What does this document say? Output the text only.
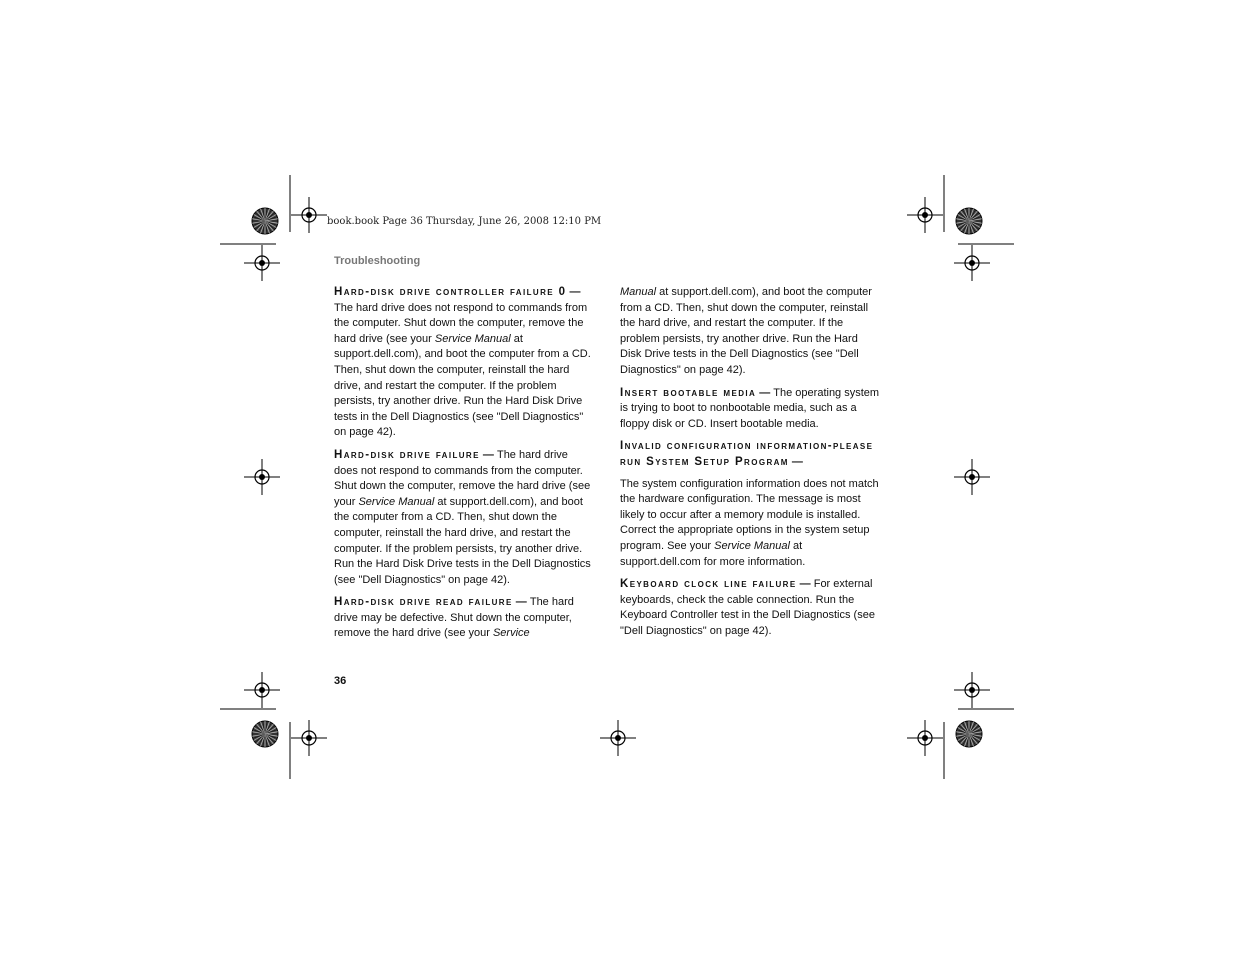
book.book Page 36 Thursday, June 26, 2008 12:10 PM
Troubleshooting

Hard-disk drive controller failure 0 — The hard drive does not respond to commands from the computer. Shut down the computer, remove the hard drive (see your Service Manual at support.dell.com), and boot the computer from a CD. Then, shut down the computer, reinstall the hard drive, and restart the computer. If the problem persists, try another drive. Run the Hard Disk Drive tests in the Dell Diagnostics (see "Dell Diagnostics" on page 42).

Hard-disk drive failure — The hard drive does not respond to commands from the computer. Shut down the computer, remove the hard drive (see your Service Manual at support.dell.com), and boot the computer from a CD. Then, shut down the computer, reinstall the hard drive, and restart the computer. If the problem persists, try another drive. Run the Hard Disk Drive tests in the Dell Diagnostics (see "Dell Diagnostics" on page 42).

Hard-disk drive read failure — The hard drive may be defective. Shut down the computer, remove the hard drive (see your Service

Manual at support.dell.com), and boot the computer from a CD. Then, shut down the computer, reinstall the hard drive, and restart the computer. If the problem persists, try another drive. Run the Hard Disk Drive tests in the Dell Diagnostics (see "Dell Diagnostics" on page 42).

Insert bootable media — The operating system is trying to boot to nonbootable media, such as a floppy disk or CD. Insert bootable media.

Invalid configuration information-please run System Setup Program —

The system configuration information does not match the hardware configuration. The message is most likely to occur after a memory module is installed. Correct the appropriate options in the system setup program. See your Service Manual at support.dell.com for more information.

Keyboard clock line failure — For external keyboards, check the cable connection. Run the Keyboard Controller test in the Dell Diagnostics (see "Dell Diagnostics" on page 42).

36
